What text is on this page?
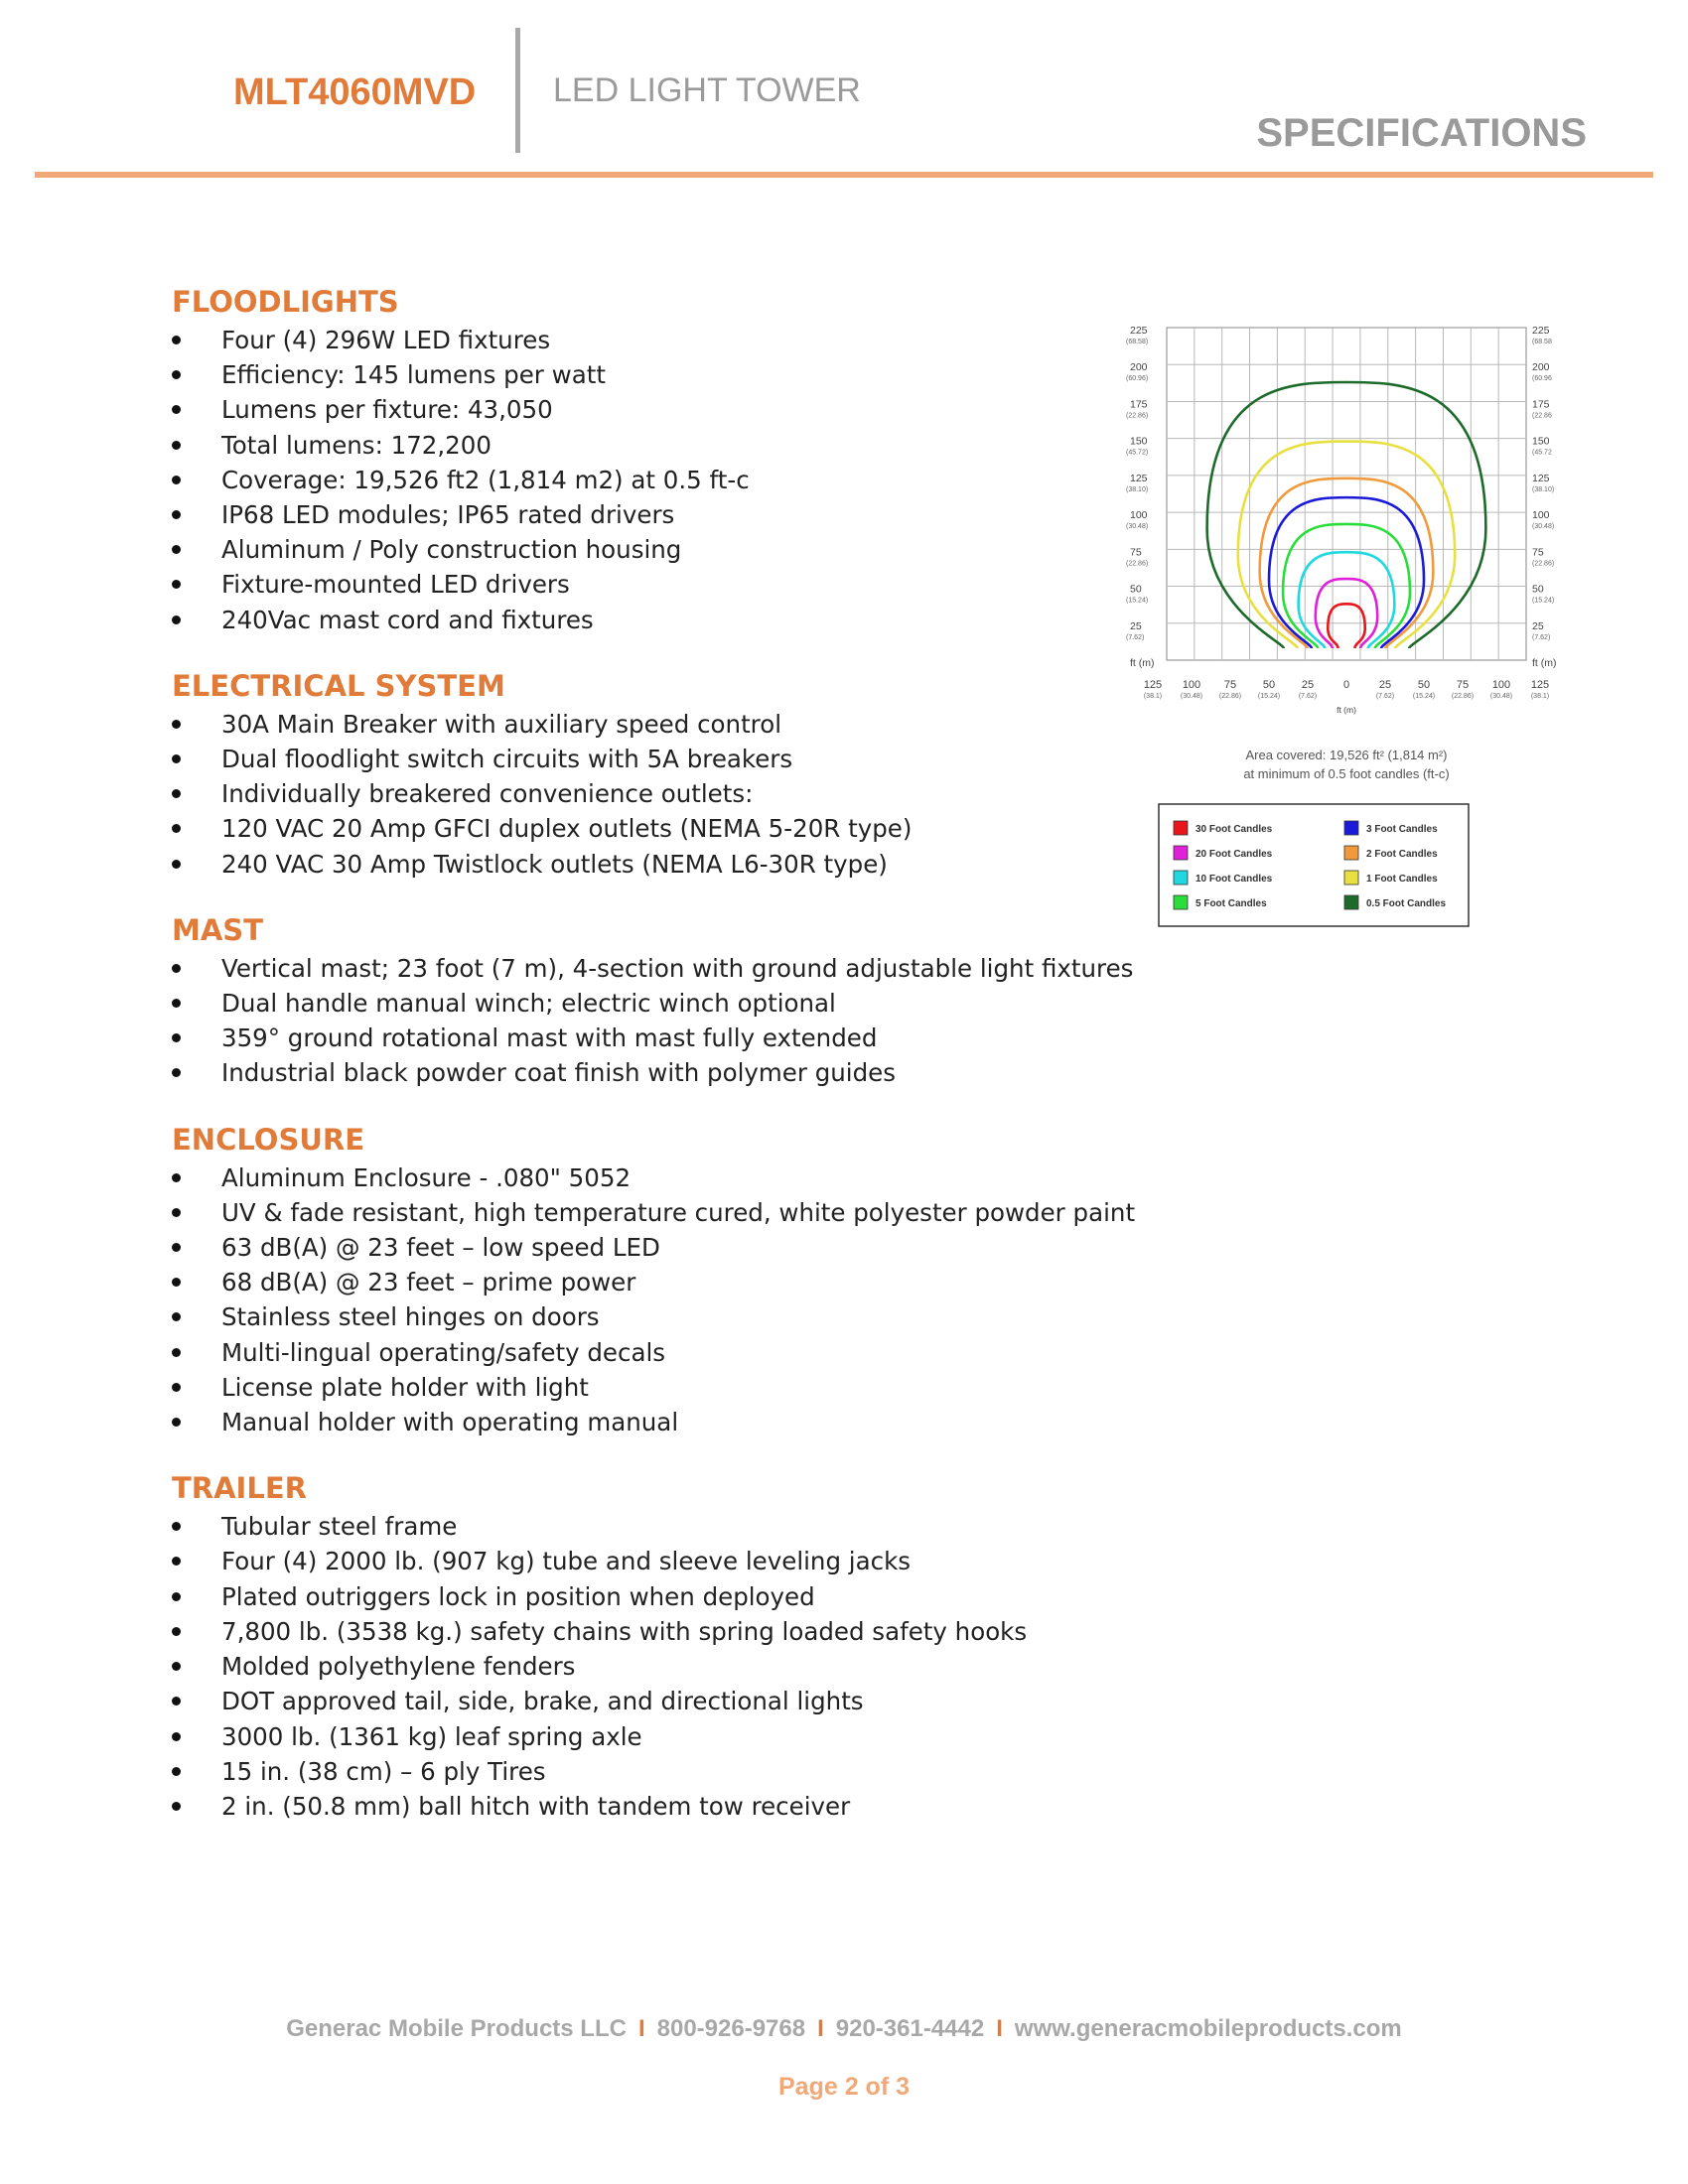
MLT4060MVD LED LIGHT TOWER
SPECIFICATIONS
FLOODLIGHTS
Four (4) 296W LED fixtures
Efficiency: 145 lumens per watt
Lumens per fixture: 43,050
Total lumens: 172,200
Coverage: 19,526 ft2 (1,814 m2) at 0.5 ft-c
IP68 LED modules; IP65 rated drivers
Aluminum / Poly construction housing
Fixture-mounted LED drivers
240Vac mast cord and fixtures
ELECTRICAL SYSTEM
30A Main Breaker with auxiliary speed control
Dual floodlight switch circuits with 5A breakers
Individually breakered convenience outlets:
120 VAC 20 Amp GFCI duplex outlets (NEMA 5-20R type)
240 VAC 30 Amp Twistlock outlets (NEMA L6-30R type)
MAST
Vertical mast; 23 foot (7 m), 4-section with ground adjustable light fixtures
Dual handle manual winch; electric winch optional
359° ground rotational mast with mast fully extended
Industrial black powder coat finish with polymer guides
ENCLOSURE
Aluminum Enclosure - .080" 5052
UV & fade resistant, high temperature cured, white polyester powder paint
63 dB(A) @ 23 feet – low speed LED
68 dB(A) @ 23 feet – prime power
Stainless steel hinges on doors
Multi-lingual operating/safety decals
License plate holder with light
Manual holder with operating manual
TRAILER
Tubular steel frame
Four (4) 2000 lb. (907 kg) tube and sleeve leveling jacks
Plated outriggers lock in position when deployed
7,800 lb. (3538 kg.) safety chains with spring loaded safety hooks
Molded polyethylene fenders
DOT approved tail, side, brake, and directional lights
3000 lb. (1361 kg) leaf spring axle
15 in. (38 cm) – 6 ply Tires
2 in. (50.8 mm) ball hitch with tandem tow receiver
225
(68.58)
200
(60.96)
175
(22.86)
150
(45.72)
125
(38.10)
100
(30.48)
75
(22.86)
50
(15.24)
25
(7.62)
ft (m)
225
(68.58
200
(60.96
175
(22.86
150
(45.72
125
(38.10)
100
(30.48)
75
(22.86)
50
(15.24)
25
(7.62)
ft (m)
125
(38.1)
100
(30.48)
75
(22.86)
50
(15.24)
25
(7.62)
0	25
(7.62)
50
(15.24)
75
(22.86)
100
(30.48)
125
(38.1)
ft (m)
Area covered: 19,526 ft² (1,814 m²)
at minimum of 0.5 foot candles (ft-c)
30 Foot Candles	3 Foot Candles
20 Foot Candles	2 Foot Candles
10 Foot Candles	1 Foot Candles
5 Foot Candles	0.5 Foot Candles
Generac Mobile Products LLC I 800-926-9768 I 920-361-4442 I www.generacmobileproducts.com
Page 2 of 3
